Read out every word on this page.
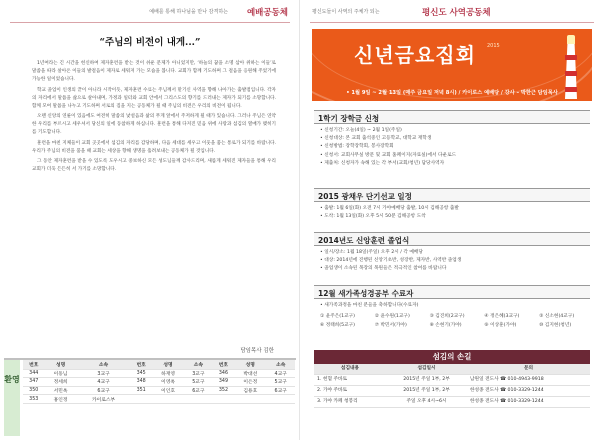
예배를 통해 하나님을 만나 감격하는 예배공동체
“주님의 비전이 내게...”

1년여라는 긴 시간을 헌신하여 제자훈련을 받는 것이 쉬운 문제가 아니었지만, ‘하늘의 꿈을 소명 삼아 위하는 이들’로 말씀을 따라 살아온 이들의 발걸음이 제자로 세워져 가는 모습을 봅니다. 교회가 함께 기도하며 그 걸음을 응원해 주었기에 가능한 일이었습니다.

학교 졸업이 인생의 끝이 아니라 시작이듯, 제자훈련 수료는 주님께서 맡기신 사역을 향해 나아가는 출발점입니다. 각자의 자리에서 말씀을 삶으로 살아내며, 가정과 일터와 교회 안에서 그리스도의 향기를 드러내는 제자가 되기를 소망합니다. 함께 모여 말씀을 나누고 기도하며 서로의 짐을 지는 공동체가 될 때 주님의 비전은 우리의 비전이 됩니다.

오랜 신앙의 연륜이 있음에도 여전히 말씀의 낯설음과 삶의 무게 앞에서 주저하게 될 때가 있습니다. 그러나 주님은 연약한 우리를 부르시고 세우셔서 당신의 일에 동참하게 하십니다. 훈련을 통해 다져진 믿음 위에 사랑과 섬김의 열매가 맺히기를 기도합니다.

훈련을 마친 지체들이 교회 곳곳에서 섬김의 자리를 감당하며, 다음 세대를 세우고 이웃을 품는 통로가 되기를 바랍니다. 우리가 주님의 비전을 품을 때 교회는 세상을 향해 생명을 흘려보내는 공동체가 될 것입니다.

그 동안 제자훈련을 받을 수 있도록 도우시고 중보하신 모든 성도님들께 감사드리며, 새롭게 세워진 제자들을 통해 우리 교회가 더욱 든든히 서 가기를 소망합니다.

담임목사 김한
환영
번호	성명	소속	번호	성명	소속	번호	성명	소속
344	이동님	3교구	345	하재영	3교구	346	박대선	4교구
347	정세희	4교구	348	이영옥	5교구	349	이은정	5교구
350	서민옥	6교구	351	이인호	6교구	352	김용호	6교구
353	홍인정	카이로스부						
평신도들이 사역의 주체가 되는	평신도 사역공동체
신년금요집회 2015
• 1월 9일 ~ 2월 13일 (매주 금요일 저녁 8시) / 카이로스 예배당 / 강사 – 박한근 담임목사
1학기 장학금 신청
• 신청기간: 오늘(4일) ~ 2월 1일(주일)
• 신청대상: 본 교회 출석중인 고등학교, 대학교 재학생
• 신청방법: 장학장학회, 봉사장학회
• 신청서: 교회사무실 방문 및 교회 홈페이지(자료실)에서 다운로드
• 제출처: 신청자가 속해 있는 각 부서(교회/청년) 담당사역자
2015 광채우 단기선교 일정
• 출발: 1월 6일(화) 오전 7시 가야예배당 출발, 10시 김해공항 출발
• 도착: 1월 13일(화) 오후 5시 50분 김해공항 도착
2014년도 신앙훈련 졸업식
• 일시/장소: 1월 18일(주일) 오후 2시 / 각 예배당
• 대상: 2014년에 진행된 신앙기초반, 성장반, 제자반, 사역반 졸업생
• 졸업생이 소속된 목장의 목원들은 적극적인 참여를 바랍니다
12월 새가족성경공부 수료자
• 새가족과정을 마친 분들을 축하합니다(수료자)
① 윤주은(1교구)	② 윤수원(1교구)	③ 김진희(2교구)	④ 정은혜(3교구)	⑤ 신소현(4교구)
⑥ 정태희(5교구)	⑦ 박민서(가야)	⑧ 손현기(가야)	⑨ 이상훈(가야)	⑩ 김지현(청년)
섬김의 손길
섬김내용	섬김일시	문의
1. 헌혈 주바토	2015년 주일 1부, 2부	남원일 전도사 ☎ 010-4943-9918
2. 가야 주바토	2015년 주일 1부, 2부	한성종 전도사 ☎ 010-3329-1244
3. 가야 카페 청봉리	주일 오후 4시~6시	한성종 전도사 ☎ 010-3329-1244
